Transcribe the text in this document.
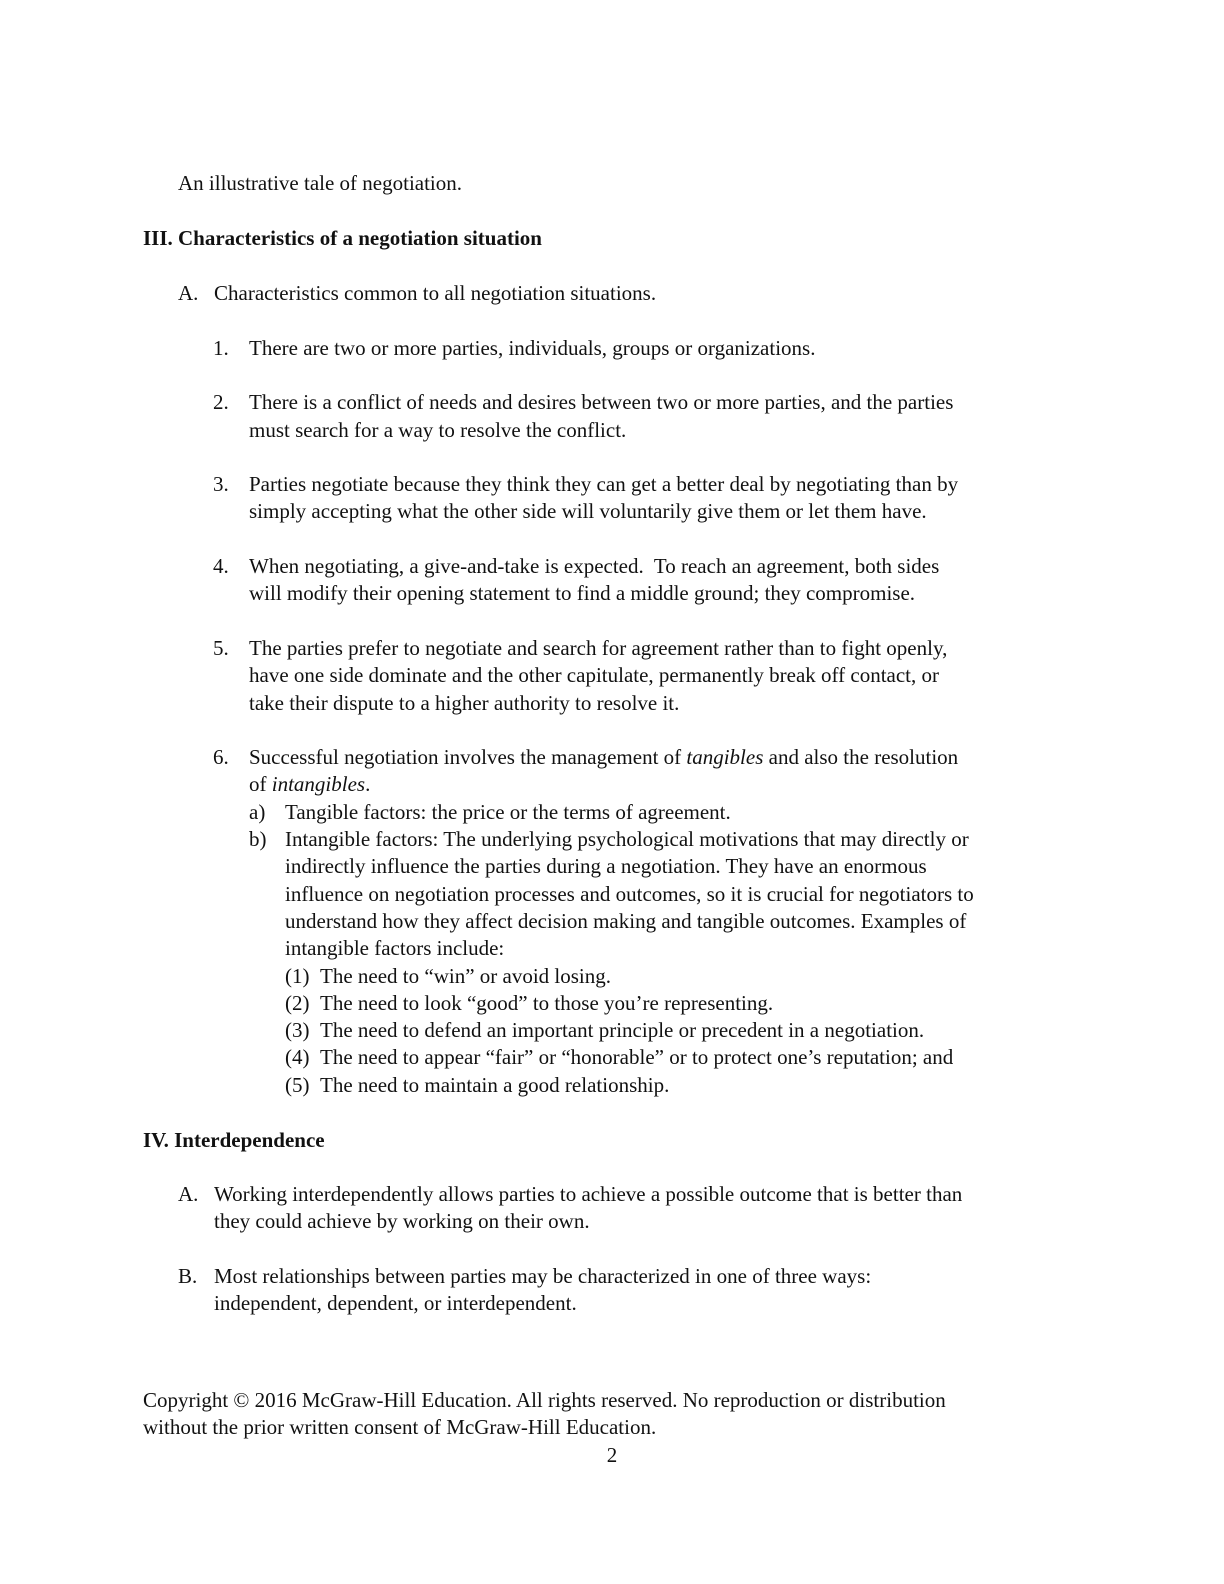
An illustrative tale of negotiation.
III. Characteristics of a negotiation situation
A. Characteristics common to all negotiation situations.
1. There are two or more parties, individuals, groups or organizations.
2. There is a conflict of needs and desires between two or more parties, and the parties
must search for a way to resolve the conflict.
3. Parties negotiate because they think they can get a better deal by negotiating than by
simply accepting what the other side will voluntarily give them or let them have.
4. When negotiating, a give-and-take is expected.  To reach an agreement, both sides
will modify their opening statement to find a middle ground; they compromise.
5. The parties prefer to negotiate and search for agreement rather than to fight openly,
have one side dominate and the other capitulate, permanently break off contact, or
take their dispute to a higher authority to resolve it.
6. Successful negotiation involves the management of tangibles and also the resolution
of intangibles.
a) Tangible factors: the price or the terms of agreement.
b) Intangible factors: The underlying psychological motivations that may directly or
indirectly influence the parties during a negotiation. They have an enormous
influence on negotiation processes and outcomes, so it is crucial for negotiators to
understand how they affect decision making and tangible outcomes. Examples of
intangible factors include:
(1) The need to “win” or avoid losing.
(2) The need to look “good” to those you’re representing.
(3) The need to defend an important principle or precedent in a negotiation.
(4) The need to appear “fair” or “honorable” or to protect one’s reputation; and
(5) The need to maintain a good relationship.
IV. Interdependence
A. Working interdependently allows parties to achieve a possible outcome that is better than
they could achieve by working on their own.
B. Most relationships between parties may be characterized in one of three ways:
independent, dependent, or interdependent.
Copyright © 2016 McGraw-Hill Education. All rights reserved. No reproduction or distribution
without the prior written consent of McGraw-Hill Education.
2
